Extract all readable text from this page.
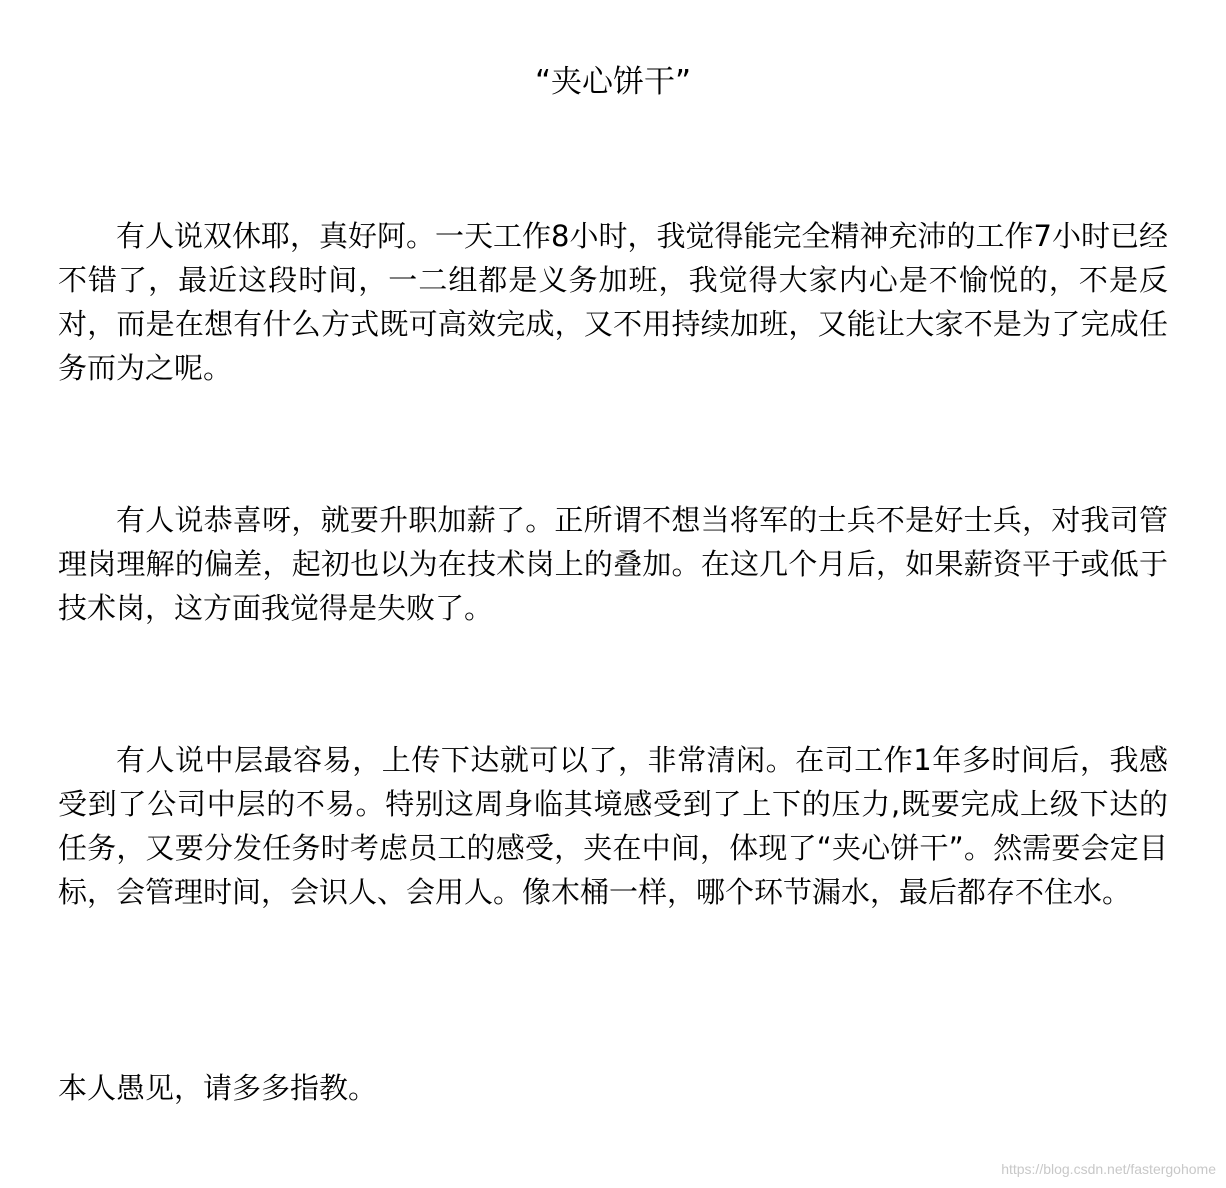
“夹心饼干”

有人说双休耶，真好阿。一天工作8小时，我觉得能完全精神充沛的工作7小时已经不错了，最近这段时间，一二组都是义务加班，我觉得大家内心是不愉悦的，不是反对，而是在想有什么方式既可高效完成，又不用持续加班，又能让大家不是为了完成任务而为之呢。

有人说恭喜呀，就要升职加薪了。正所谓不想当将军的士兵不是好士兵，对我司管理岗理解的偏差，起初也以为在技术岗上的叠加。在这几个月后，如果薪资平于或低于技术岗，这方面我觉得是失败了。

有人说中层最容易，上传下达就可以了，非常清闲。在司工作1年多时间后，我感受到了公司中层的不易。特别这周身临其境感受到了上下的压力,既要完成上级下达的任务，又要分发任务时考虑员工的感受，夹在中间，体现了“夹心饼干”。然需要会定目标，会管理时间，会识人、会用人。像木桶一样，哪个环节漏水，最后都存不住水。

本人愚见，请多多指教。

https://blog.csdn.net/fastergohome
